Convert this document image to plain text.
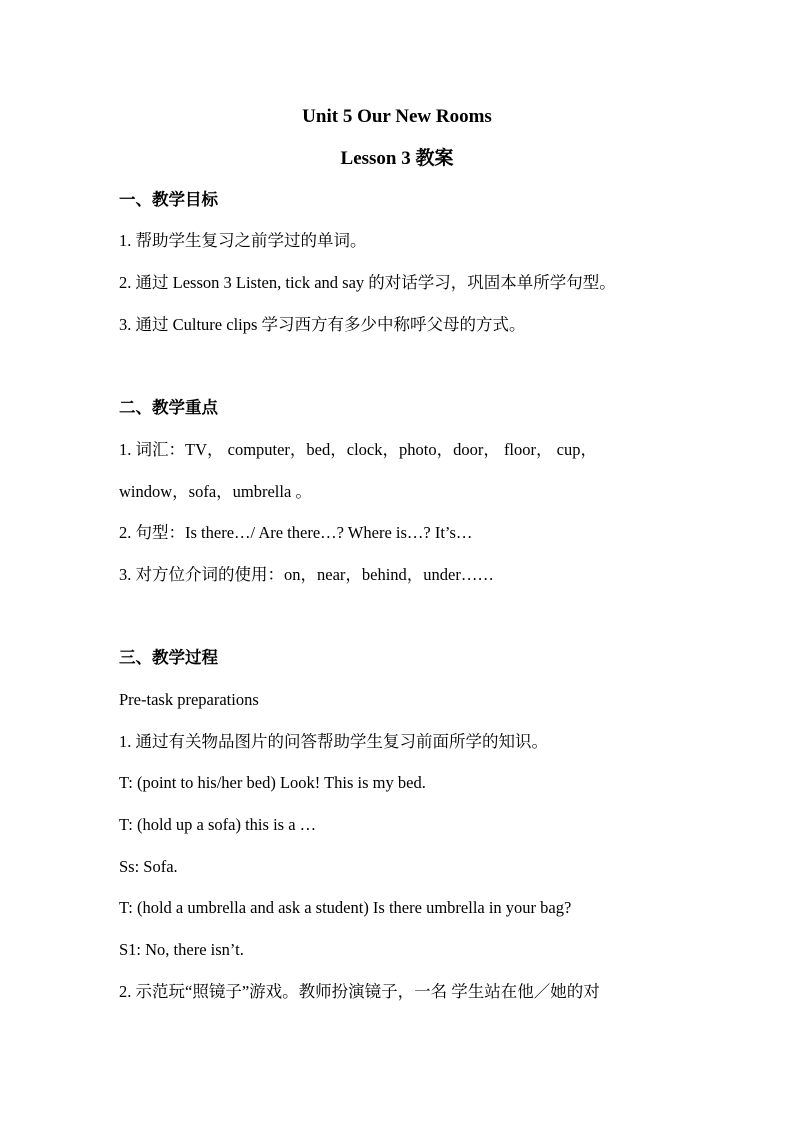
Unit 5 Our New Rooms
Lesson 3 教案
一、教学目标
1. 帮助学生复习之前学过的单词。
2. 通过 Lesson 3 Listen, tick and say 的对话学习，巩固本单所学句型。
3. 通过 Culture clips 学习西方有多少中称呼父母的方式。
二、教学重点
1. 词汇：TV， computer，bed，clock，photo，door， floor， cup，
window，sofa，umbrella 。
2. 句型：Is there…/ Are there…? Where is…? It’s…
3. 对方位介词的使用：on，near，behind，under……
三、教学过程
Pre-task preparations
1. 通过有关物品图片的问答帮助学生复习前面所学的知识。
T: (point to his/her bed) Look! This is my bed.
T: (hold up a sofa) this is a …
Ss: Sofa.
T: (hold a umbrella and ask a student) Is there umbrella in your bag?
S1: No, there isn’t.
2. 示范玩“照镜子”游戏。教师扮演镜子，一名 学生站在他／她的对
